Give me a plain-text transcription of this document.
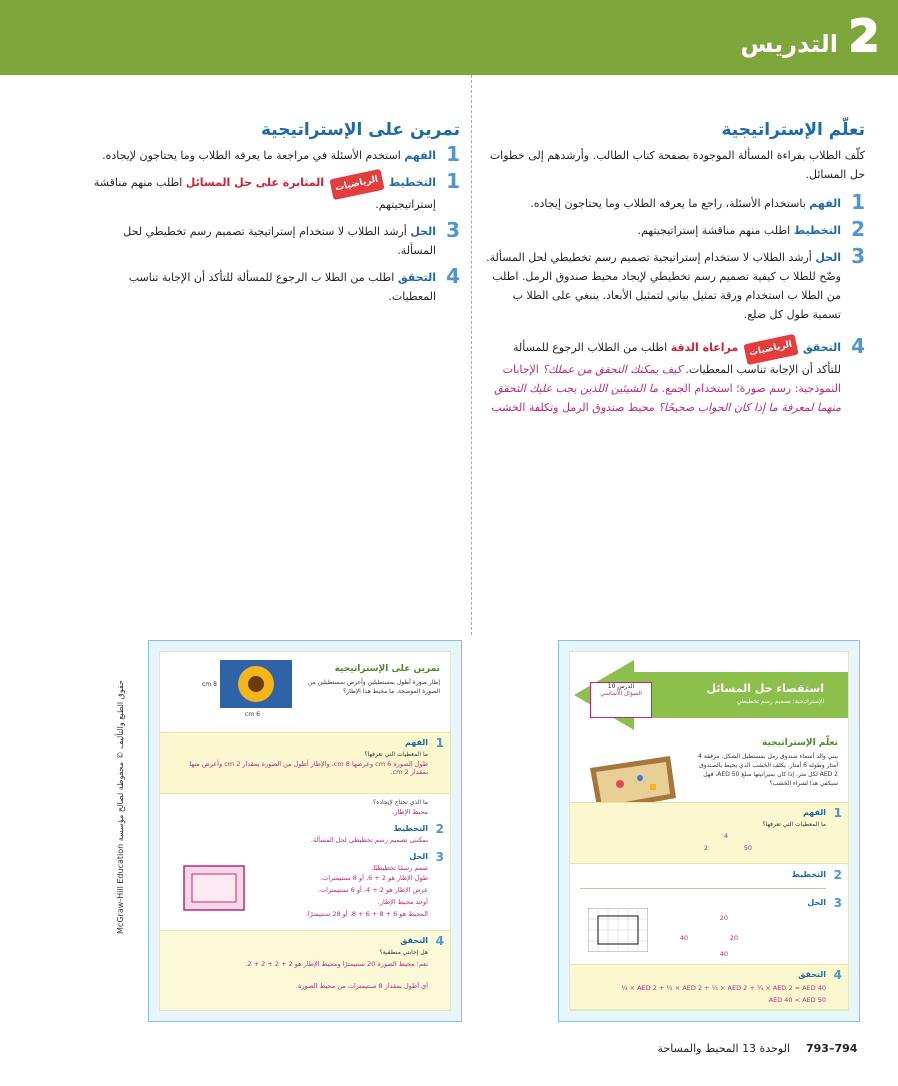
2
التدريس
تعلّم الإستراتيجية
كلّف الطلاب بقراءة المسألة الموجودة بصفحة كتاب الطالب. وأرشدهم إلى خطوات حل المسائل.
1
الفهم باستخدام الأسئلة، راجع ما يعرفه الطلاب وما يحتاجون إيجاده.
2
التخطيط اطلب منهم مناقشة إستراتيجيتهم.
3
الحل أرشد الطلاب لا ستخدام إستراتيجية تصميم رسم تخطيطي لحل المسألة. وضّح للطلا ب كيفية تصميم رسم تخطيطي لإيجاد محيط صندوق الرمل. اطلب من الطلا ب استخدام ورقة تمثيل بياني لتمثيل الأبعاد. ينبغي على الطلا ب تسمية طول كل ضلع.
4
التحقق الرياضيات مراعاة الدقة اطلب من الطلاب الرجوع للمسألة للتأكد أن الإجابة تناسب المعطيات. كيف يمكنك التحقق من عملك؟ الإجابات النموذجية: رسم صورة؛ استخدام الجمع. ما الشيئين اللذين يجب عليك التحقق منهما لمعرفة ما إذا كان الجواب صحيحًا؟ محيط صندوق الرمل وتكلفة الخشب
تمرين على الإستراتيجية
1
الفهم استخدم الأسئلة في مراجعة ما يعرفه الطلاب وما يحتاجون لإيجاده.
1
التخطيط الرياضيات المثابرة على حل المسائل اطلب منهم مناقشة إستراتيجيتهم.
3
الحل أرشد الطلاب لا ستخدام إستراتيجية تصميم رسم تخطيطي لحل المسألة.
4
التحقق اطلب من الطلا ب الرجوع للمسألة للتأكد أن الإجابة تناسب المعطيات.
6 cm
8 cm
تمرين على الإستراتيجية
إطار صورة أطول بمستطيلين وأعرض بمستطيلين من الصورة الموضحة. ما محيط هذا الإطار؟
1
الفهم
ما المعطيات التي تعرفها؟
طول الصورة 6 cm وعرضها 8 cm، والإطار أطول من الصورة بمقدار 2 cm وأعرض منها بمقدار 2 cm.
ما الذي تحتاج لإيجاده؟
محيط الإطار.
2
التخطيط
يمكنني تصميم رسم تخطيطي لحل المسألة.
3
الحل
صمم رسمًا تخطيطيًا.
طول الإطار هو 2 + 6، أو 8 سنتيمترات.
عرض الإطار هو 2 + 4، أو 6 سنتيمترات.
أوجد محيط الإطار.
المحيط هو 6 + 8 + 6 + 8، أو 28 سنتيمترًا.
4
التحقق
هل إجابتي منطقية؟
نعم؛ محيط الصورة 20 سنتيمترًا ومحيط الإطار هو 2 + 2 + 2 + 2.
أي أطول بمقدار 8 سنتيمترات من محيط الصورة.
حقوق الطبع والتأليف © محفوظة لصالح مؤسسة McGraw-Hill Education	استقصاء حل المسائل
الإستراتيجية: تصميم رسم تخطيطي
الدرس 10
السؤال الأساسي
تعلّم الإستراتيجية
يبني والد أسماء صندوق رمل بمستطيل الشكل. مرفقة 4 أمتار وطوله 6 أمتار. يكلف الخشب الذي يحيط بالصندوق AED 2 لكل متر. إذا كان بميزانيتها مبلغ AED 50، فهل سيكفي هذا لشراء الخشب؟
1
الفهم
ما المعطيات التي تعرفها؟
4
2	50
2
التخطيط
3
الحل
20
40	20
40
4
التحقق
¼ × AED 2 + ¼ × AED 2 + ¼ × AED 2 + ¼ × AED 2 = AED 40
AED 40 < AED 50
793–794
الوحدة 13 المحيط والمساحة
